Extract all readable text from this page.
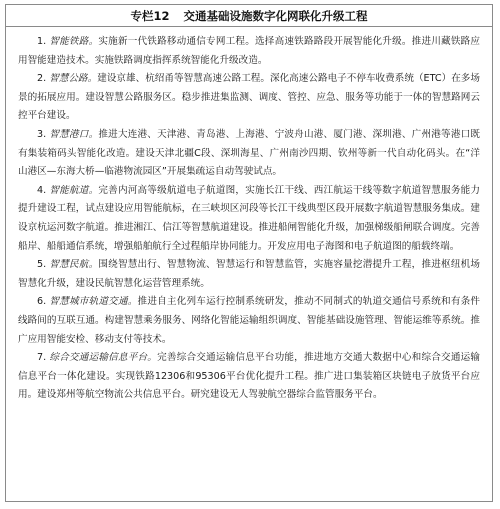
专栏12 交通基础设施数字化网联化升级工程

1. 智能铁路。实施新一代铁路移动通信专网工程。选择高速铁路路段开展智能化升级。推进川藏铁路应用智能建造技术。实施铁路调度指挥系统智能化升级改造。

2. 智慧公路。建设京雄、杭绍甬等智慧高速公路工程。深化高速公路电子不停车收费系统（ETC）在多场景的拓展应用。建设智慧公路服务区。稳步推进集监测、调度、管控、应急、服务等功能于一体的智慧路网云控平台建设。

3. 智慧港口。推进大连港、天津港、青岛港、上海港、宁波舟山港、厦门港、深圳港、广州港等港口既有集装箱码头智能化改造。建设天津北疆C段、深圳海星、广州南沙四期、钦州等新一代自动化码头。在“洋山港区—东海大桥—临港物流园区”开展集疏运自动驾驶试点。

4. 智能航道。完善内河高等级航道电子航道图，实施长江干线、西江航运干线等数字航道智慧服务能力提升建设工程，试点建设应用智能航标，在三峡坝区河段等长江干线典型区段开展数字航道智慧服务集成。建设京杭运河数字航道。推进湘江、信江等智慧航道建设。推进船闸智能化升级，加强梯级船闸联合调度。完善船岸、船船通信系统，增强船舶航行全过程船岸协同能力。开发应用电子海图和电子航道图的船载终端。

5. 智慧民航。围绕智慧出行、智慧物流、智慧运行和智慧监管，实施容量挖潜提升工程，推进枢纽机场智慧化升级，建设民航智慧化运营管理系统。

6. 智慧城市轨道交通。推进自主化列车运行控制系统研发，推动不同制式的轨道交通信号系统和有条件线路间的互联互通。构建智慧乘务服务、网络化智能运输组织调度、智能基础设施管理、智能运维等系统。推广应用智能安检、移动支付等技术。

7. 综合交通运输信息平台。完善综合交通运输信息平台功能，推进地方交通大数据中心和综合交通运输信息平台一体化建设。实现铁路12306和95306平台优化提升工程。推广进口集装箱区块链电子放货平台应用。建设郑州等航空物流公共信息平台。研究建设无人驾驶航空器综合监管服务平台。
